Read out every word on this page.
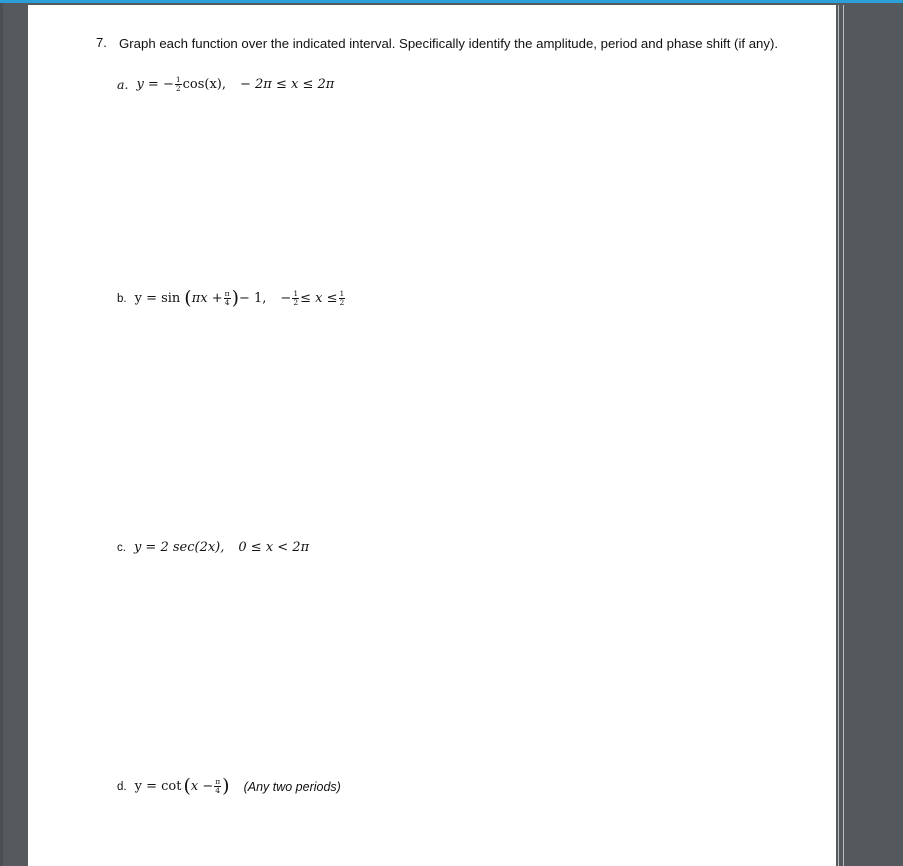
7. Graph each function over the indicated interval. Specifically identify the amplitude, period and phase shift (if any).
a. y = − $\frac{1}{2} \cos(x)$, − 2π ≤ x ≤ 2π
b. y = sin ( $\pi x + \frac{\pi}{4}$ ) − 1, − $\frac{1}{2} \le x \le \frac{1}{2}$
c. y = 2 sec(2x), 0 ≤ x < 2π
d. y = cot ( $x - \frac{\pi}{4}$ ) (Any two periods)
